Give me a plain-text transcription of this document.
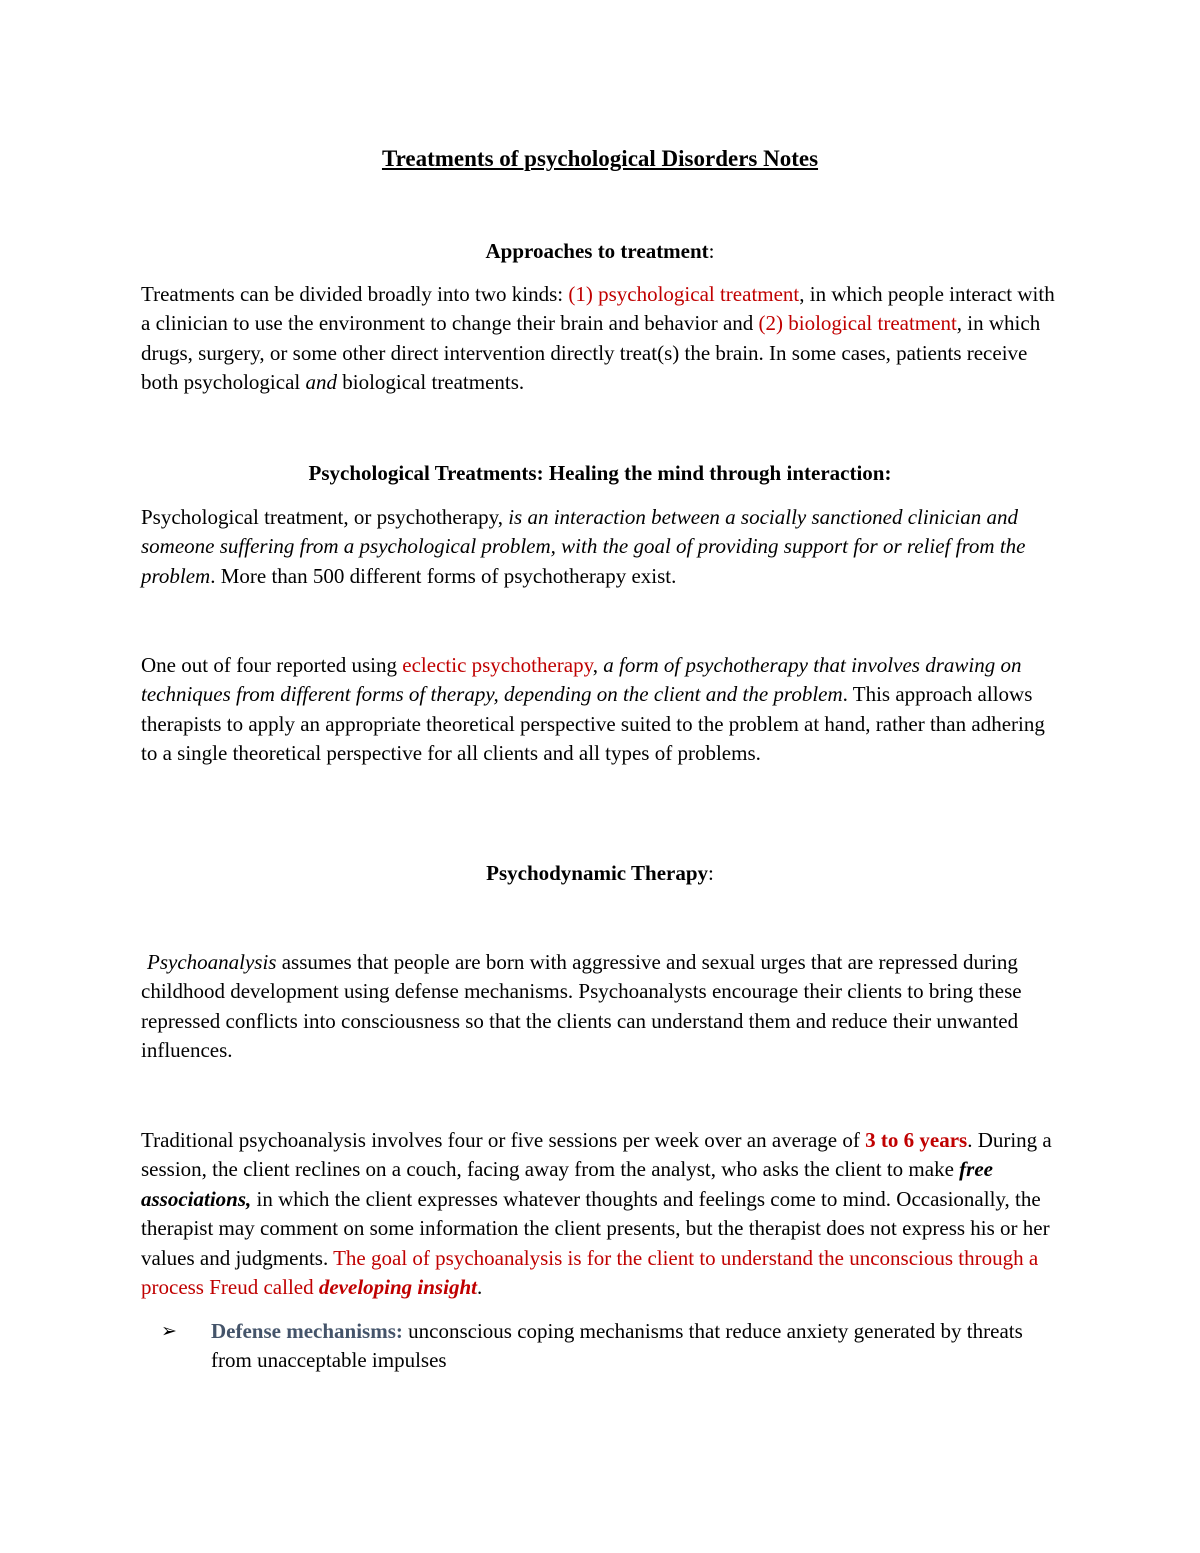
Treatments of psychological Disorders Notes
Approaches to treatment:

Treatments can be divided broadly into two kinds: (1) psychological treatment, in which people interact with a clinician to use the environment to change their brain and behavior and (2) biological treatment, in which drugs, surgery, or some other direct intervention directly treat(s) the brain. In some cases, patients receive both psychological and biological treatments.

Psychological Treatments: Healing the mind through interaction:

Psychological treatment, or psychotherapy, is an interaction between a socially sanctioned clinician and someone suffering from a psychological problem, with the goal of providing support for or relief from the problem. More than 500 different forms of psychotherapy exist.

One out of four reported using eclectic psychotherapy, a form of psychotherapy that involves drawing on techniques from different forms of therapy, depending on the client and the problem. This approach allows therapists to apply an appropriate theoretical perspective suited to the problem at hand, rather than adhering to a single theoretical perspective for all clients and all types of problems.

Psychodynamic Therapy:

Psychoanalysis assumes that people are born with aggressive and sexual urges that are repressed during childhood development using defense mechanisms. Psychoanalysts encourage their clients to bring these repressed conflicts into consciousness so that the clients can understand them and reduce their unwanted influences.

Traditional psychoanalysis involves four or five sessions per week over an average of 3 to 6 years. During a session, the client reclines on a couch, facing away from the analyst, who asks the client to make free associations, in which the client expresses whatever thoughts and feelings come to mind. Occasionally, the therapist may comment on some information the client presents, but the therapist does not express his or her values and judgments. The goal of psychoanalysis is for the client to understand the unconscious through a process Freud called developing insight.

➢ Defense mechanisms: unconscious coping mechanisms that reduce anxiety generated by threats from unacceptable impulses
